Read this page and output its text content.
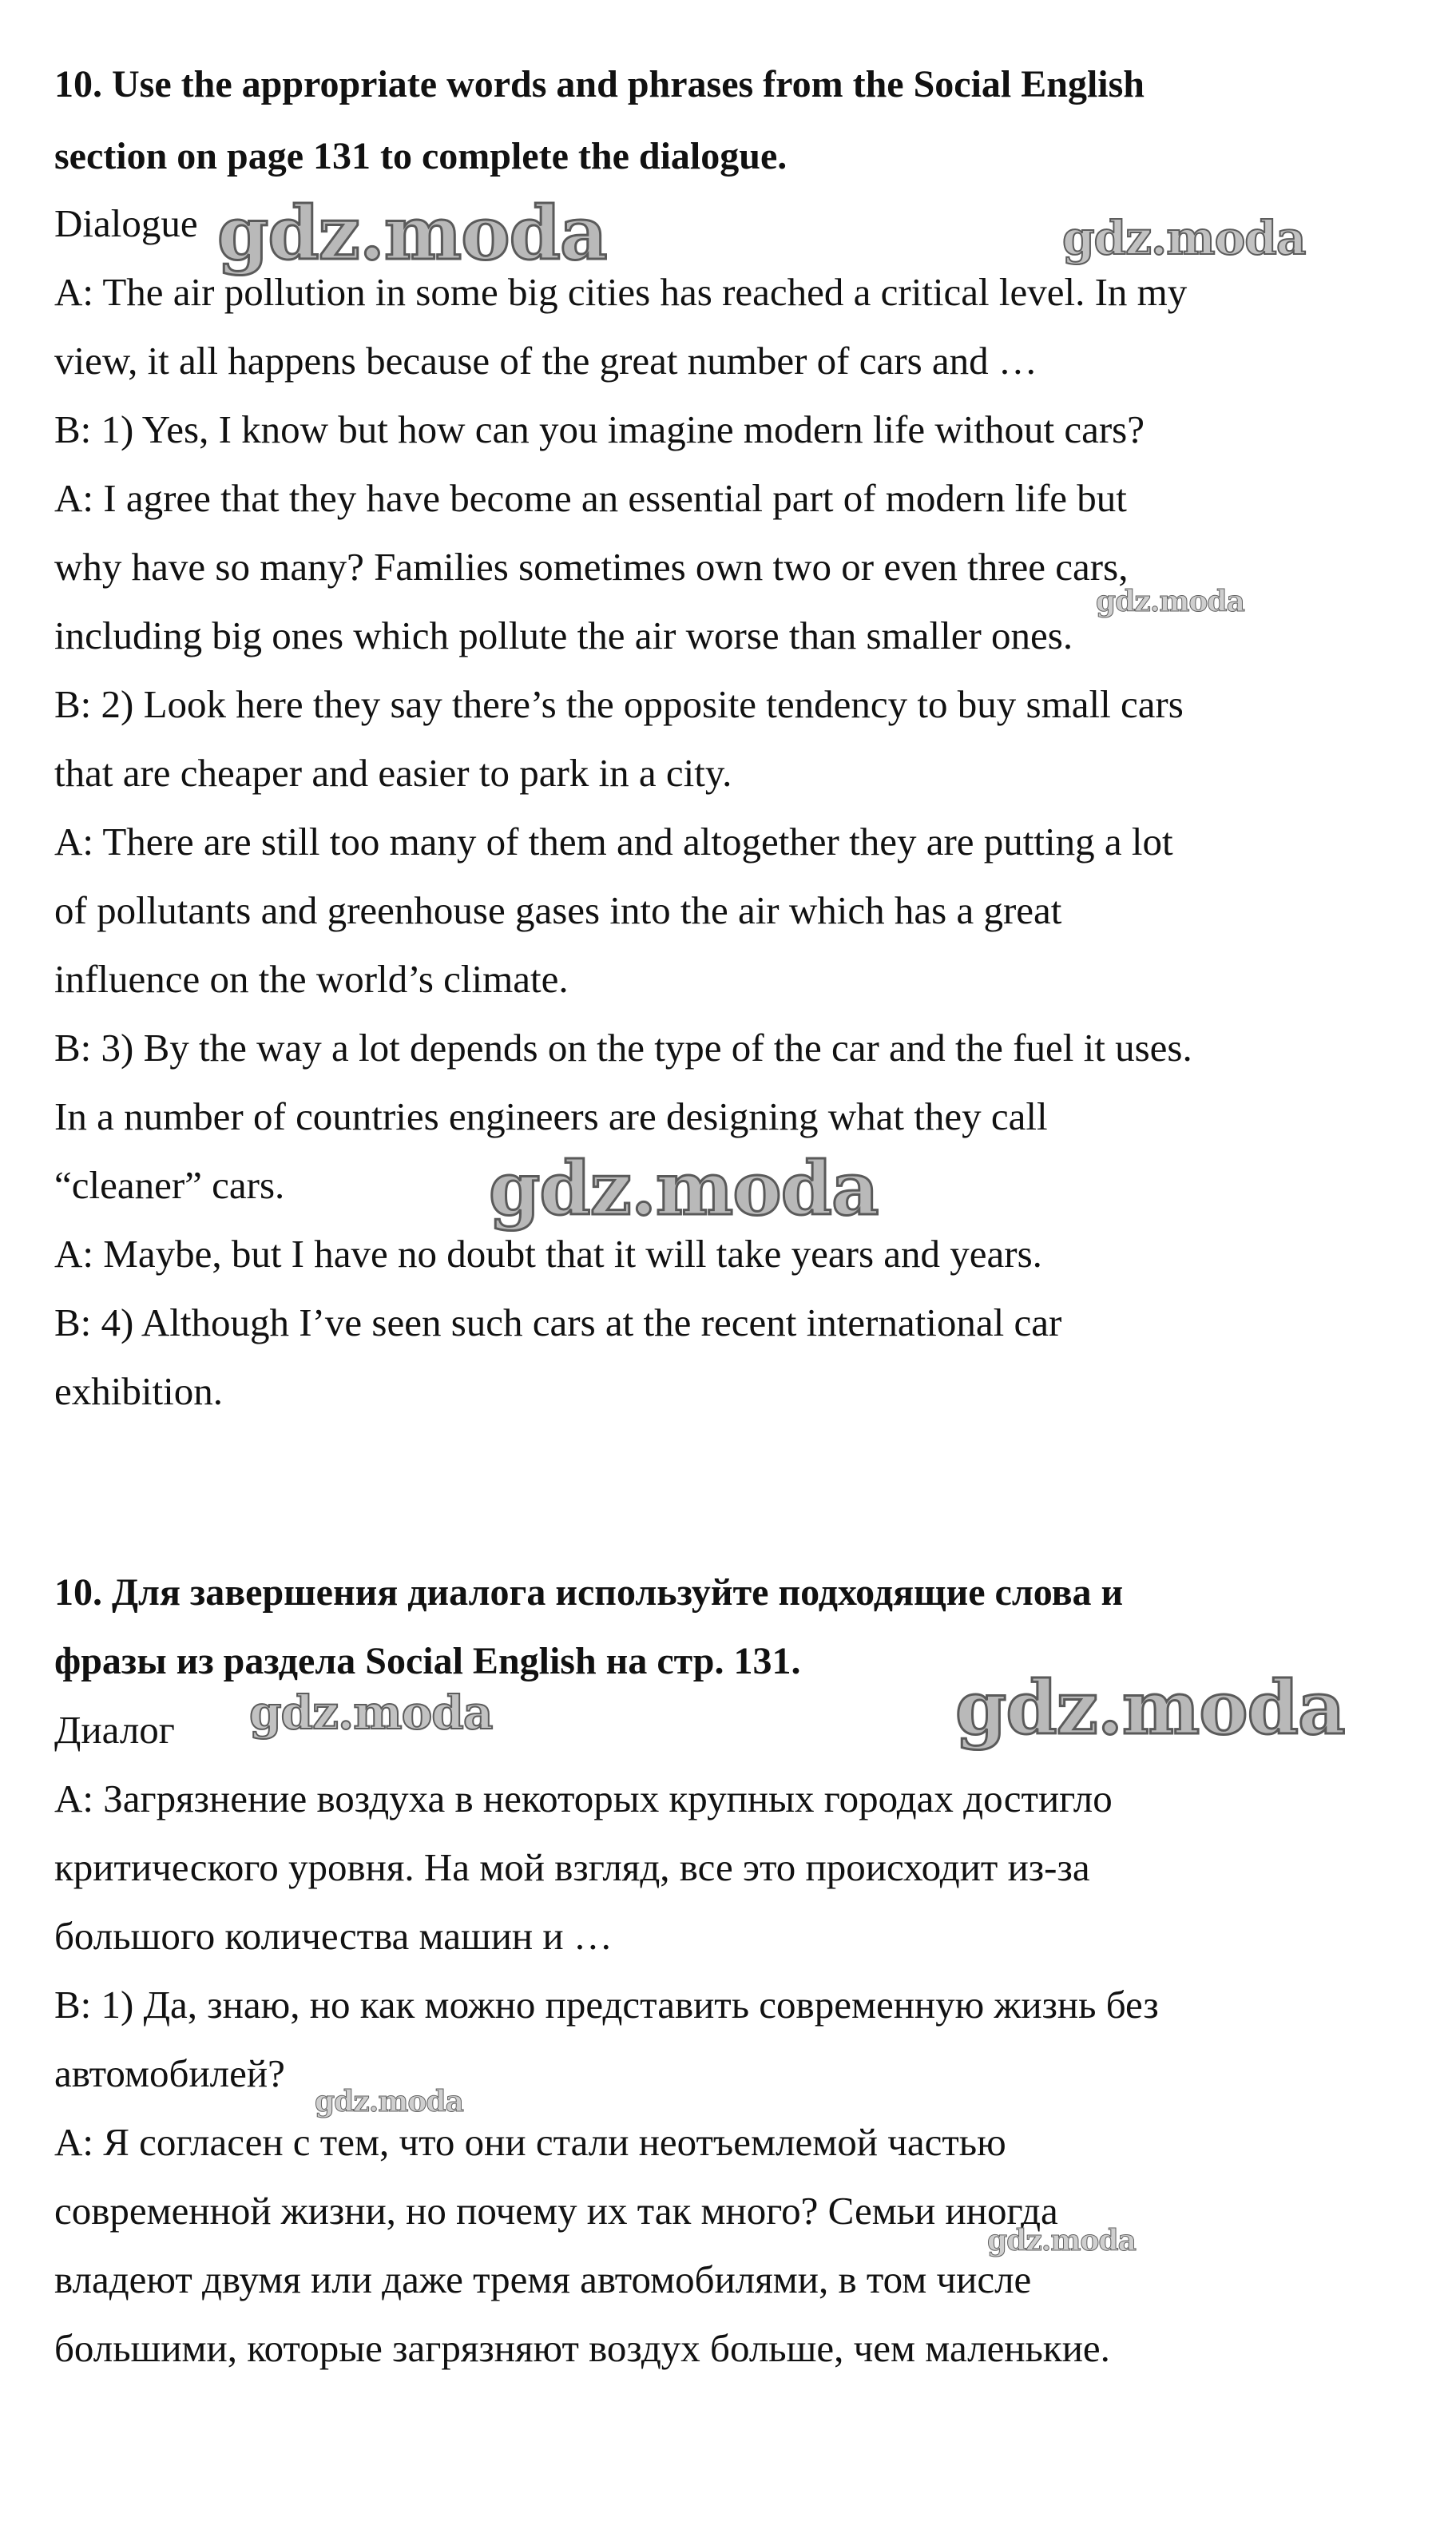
10. Use the appropriate words and phrases from the Social English
section on page 131 to complete the dialogue.
Dialogue
A: The air pollution in some big cities has reached a critical level. In my
view, it all happens because of the great number of cars and …
B: 1) Yes, I know but how can you imagine modern life without cars?
A: I agree that they have become an essential part of modern life but
why have so many? Families sometimes own two or even three cars,
including big ones which pollute the air worse than smaller ones.
B: 2) Look here they say there’s the opposite tendency to buy small cars
that are cheaper and easier to park in a city.
A: There are still too many of them and altogether they are putting a lot
of pollutants and greenhouse gases into the air which has a great
influence on the world’s climate.
B: 3) By the way a lot depends on the type of the car and the fuel it uses.
In a number of countries engineers are designing what they call
“cleaner” cars.
A: Maybe, but I have no doubt that it will take years and years.
B: 4) Although I’ve seen such cars at the recent international car
exhibition.
10. Для завершения диалога используйте подходящие слова и
фразы из раздела Social English на стр. 131.
Диалог
A: Загрязнение воздуха в некоторых крупных городах достигло
критического уровня. На мой взгляд, все это происходит из-за
большого количества машин и …
B: 1) Да, знаю, но как можно представить современную жизнь без
автомобилей?
A: Я согласен с тем, что они стали неотъемлемой частью
современной жизни, но почему их так много? Семьи иногда
владеют двумя или даже тремя автомобилями, в том числе
большими, которые загрязняют воздух больше, чем маленькие.
gdz.moda	gdz.moda
gdz.moda
gdz.moda
gdz.moda	gdz.moda
gdz.moda
gdz.moda
